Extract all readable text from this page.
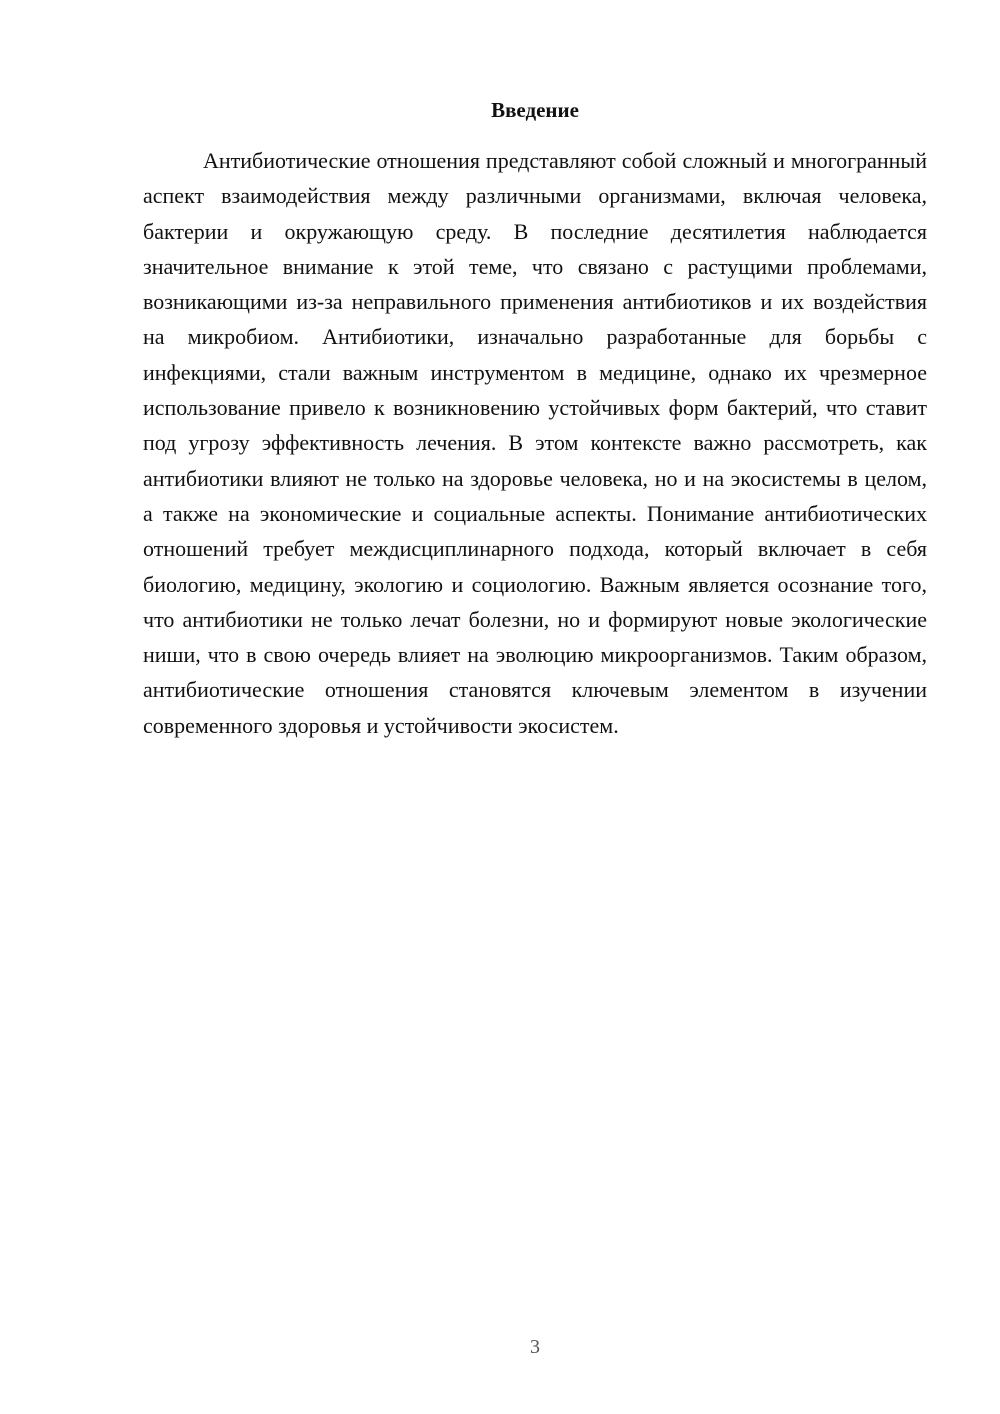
Введение

Антибиотические отношения представляют собой сложный и многогранный аспект взаимодействия между различными организмами, включая человека, бактерии и окружающую среду. В последние десятилетия наблюдается значительное внимание к этой теме, что связано с растущими проблемами, возникающими из-за неправильного применения антибиотиков и их воздействия на микробиом. Антибиотики, изначально разработанные для борьбы с инфекциями, стали важным инструментом в медицине, однако их чрезмерное использование привело к возникновению устойчивых форм бактерий, что ставит под угрозу эффективность лечения. В этом контексте важно рассмотреть, как антибиотики влияют не только на здоровье человека, но и на экосистемы в целом, а также на экономические и социальные аспекты. Понимание антибиотических отношений требует междисциплинарного подхода, который включает в себя биологию, медицину, экологию и социологию. Важным является осознание того, что антибиотики не только лечат болезни, но и формируют новые экологические ниши, что в свою очередь влияет на эволюцию микроорганизмов. Таким образом, антибиотические отношения становятся ключевым элементом в изучении современного здоровья и устойчивости экосистем.

3
